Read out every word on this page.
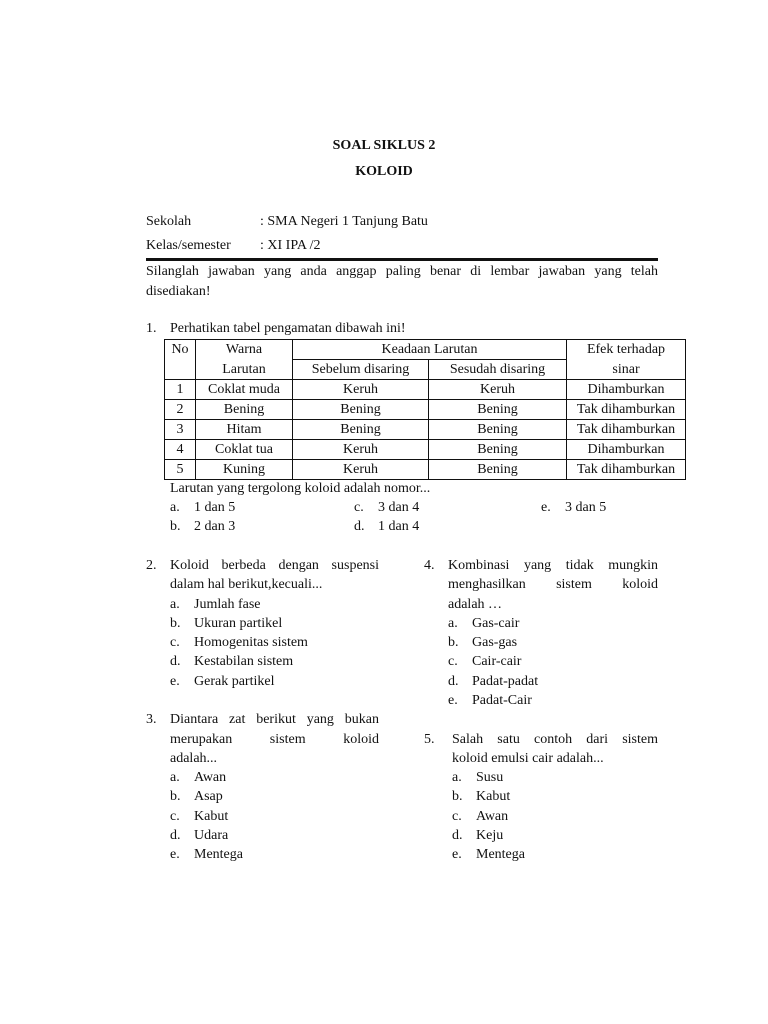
SOAL SIKLUS 2
KOLOID
Sekolah	: SMA Negeri 1 Tanjung Batu
Kelas/semester : XI IPA /2
Silanglah jawaban yang anda anggap paling benar di lembar jawaban yang telah
disediakan!
1. Perhatikan tabel pengamatan dibawah ini!
No	Warna	Keadaan Larutan		Efek terhadap
	Larutan	Sebelum disaring	Sesudah disaring	sinar
1	Coklat muda	Keruh	Keruh	Dihamburkan
2	Bening	Bening	Bening	Tak dihamburkan
3	Hitam	Bening	Bening	Tak dihamburkan
4	Coklat tua	Keruh	Bening	Dihamburkan
5	Kuning	Keruh	Bening	Tak dihamburkan
Larutan yang tergolong koloid adalah nomor...
a. 1 dan 5
b. 2 dan 3
c. 3 dan 4
d. 1 dan 4
e. 3 dan 5
2. Koloid berbeda dengan suspensi
dalam hal berikut,kecuali...
a. Jumlah fase
b. Ukuran partikel
c. Homogenitas sistem
d. Kestabilan sistem
e. Gerak partikel
3. Diantara zat berikut yang bukan
merupakan sistem koloid
adalah...
a. Awan
b. Asap
c. Kabut
d. Udara
e. Mentega
4. Kombinasi yang tidak mungkin
menghasilkan sistem koloid
adalah …
a. Gas-cair
b. Gas-gas
c. Cair-cair
d. Padat-padat
e. Padat-Cair
5. Salah satu contoh dari sistem
koloid emulsi cair adalah...
a. Susu
b. Kabut
c. Awan
d. Keju
e. Mentega
